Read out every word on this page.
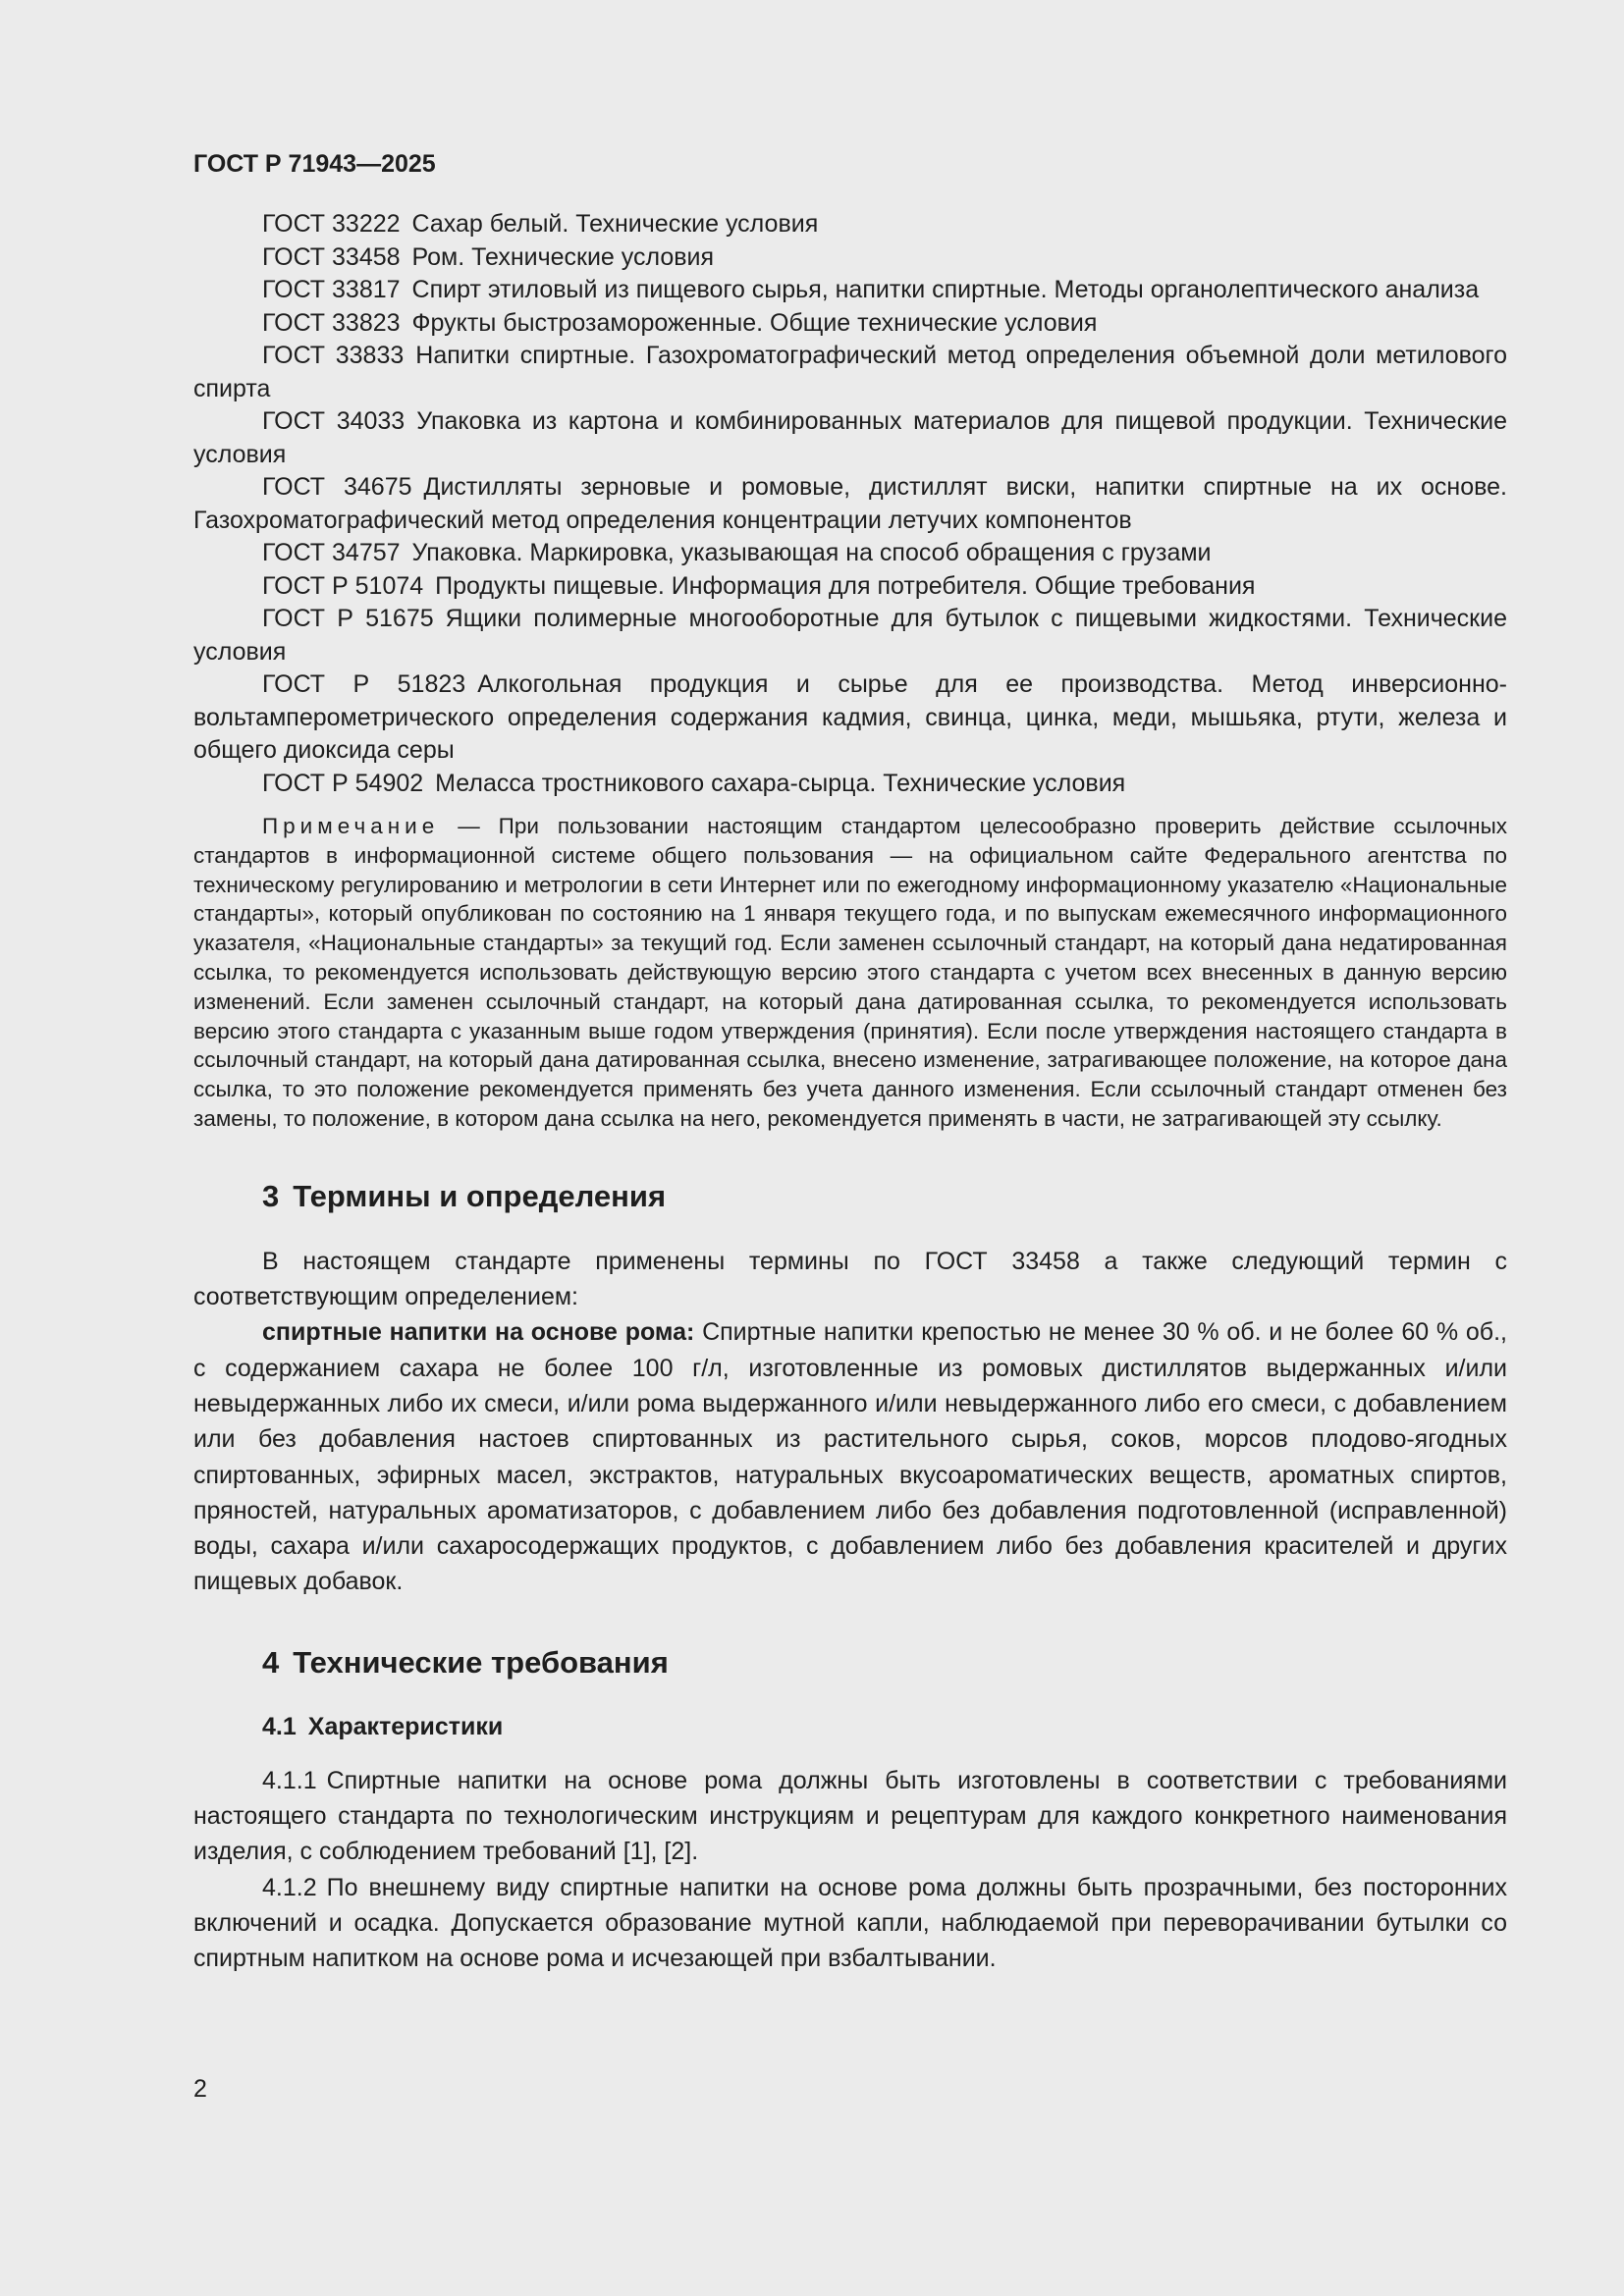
ГОСТ Р 71943—2025

ГОСТ 33222 Сахар белый. Технические условия

ГОСТ 33458 Ром. Технические условия

ГОСТ 33817 Спирт этиловый из пищевого сырья, напитки спиртные. Методы органолептического анализа

ГОСТ 33823 Фрукты быстрозамороженные. Общие технические условия

ГОСТ 33833 Напитки спиртные. Газохроматографический метод определения объемной доли метилового спирта

ГОСТ 34033 Упаковка из картона и комбинированных материалов для пищевой продукции. Технические условия

ГОСТ 34675 Дистилляты зерновые и ромовые, дистиллят виски, напитки спиртные на их основе. Газохроматографический метод определения концентрации летучих компонентов

ГОСТ 34757 Упаковка. Маркировка, указывающая на способ обращения с грузами

ГОСТ Р 51074 Продукты пищевые. Информация для потребителя. Общие требования

ГОСТ Р 51675 Ящики полимерные многооборотные для бутылок с пищевыми жидкостями. Технические условия

ГОСТ Р 51823 Алкогольная продукция и сырье для ее производства. Метод инверсионно-вольтамперометрического определения содержания кадмия, свинца, цинка, меди, мышьяка, ртути, железа и общего диоксида серы

ГОСТ Р 54902 Меласса тростникового сахара-сырца. Технические условия

Примечание — При пользовании настоящим стандартом целесообразно проверить действие ссылочных стандартов в информационной системе общего пользования — на официальном сайте Федерального агентства по техническому регулированию и метрологии в сети Интернет или по ежегодному информационному указателю «Национальные стандарты», который опубликован по состоянию на 1 января текущего года, и по выпускам ежемесячного информационного указателя, «Национальные стандарты» за текущий год. Если заменен ссылочный стандарт, на который дана недатированная ссылка, то рекомендуется использовать действующую версию этого стандарта с учетом всех внесенных в данную версию изменений. Если заменен ссылочный стандарт, на который дана датированная ссылка, то рекомендуется использовать версию этого стандарта с указанным выше годом утверждения (принятия). Если после утверждения настоящего стандарта в ссылочный стандарт, на который дана датированная ссылка, внесено изменение, затрагивающее положение, на которое дана ссылка, то это положение рекомендуется применять без учета данного изменения. Если ссылочный стандарт отменен без замены, то положение, в котором дана ссылка на него, рекомендуется применять в части, не затрагивающей эту ссылку.

3 Термины и определения

В настоящем стандарте применены термины по ГОСТ 33458 а также следующий термин с соответствующим определением:

спиртные напитки на основе рома: Спиртные напитки крепостью не менее 30 % об. и не более 60 % об., с содержанием сахара не более 100 г/л, изготовленные из ромовых дистиллятов выдержанных и/или невыдержанных либо их смеси, и/или рома выдержанного и/или невыдержанного либо его смеси, с добавлением или без добавления настоев спиртованных из растительного сырья, соков, морсов плодово-ягодных спиртованных, эфирных масел, экстрактов, натуральных вкусоароматических веществ, ароматных спиртов, пряностей, натуральных ароматизаторов, с добавлением либо без добавления подготовленной (исправленной) воды, сахара и/или сахаросодержащих продуктов, с добавлением либо без добавления красителей и других пищевых добавок.

4 Технические требования
4.1 Характеристики

4.1.1 Спиртные напитки на основе рома должны быть изготовлены в соответствии с требованиями настоящего стандарта по технологическим инструкциям и рецептурам для каждого конкретного наименования изделия, с соблюдением требований [1], [2].

4.1.2 По внешнему виду спиртные напитки на основе рома должны быть прозрачными, без посторонних включений и осадка. Допускается образование мутной капли, наблюдаемой при переворачивании бутылки со спиртным напитком на основе рома и исчезающей при взбалтывании.

2
